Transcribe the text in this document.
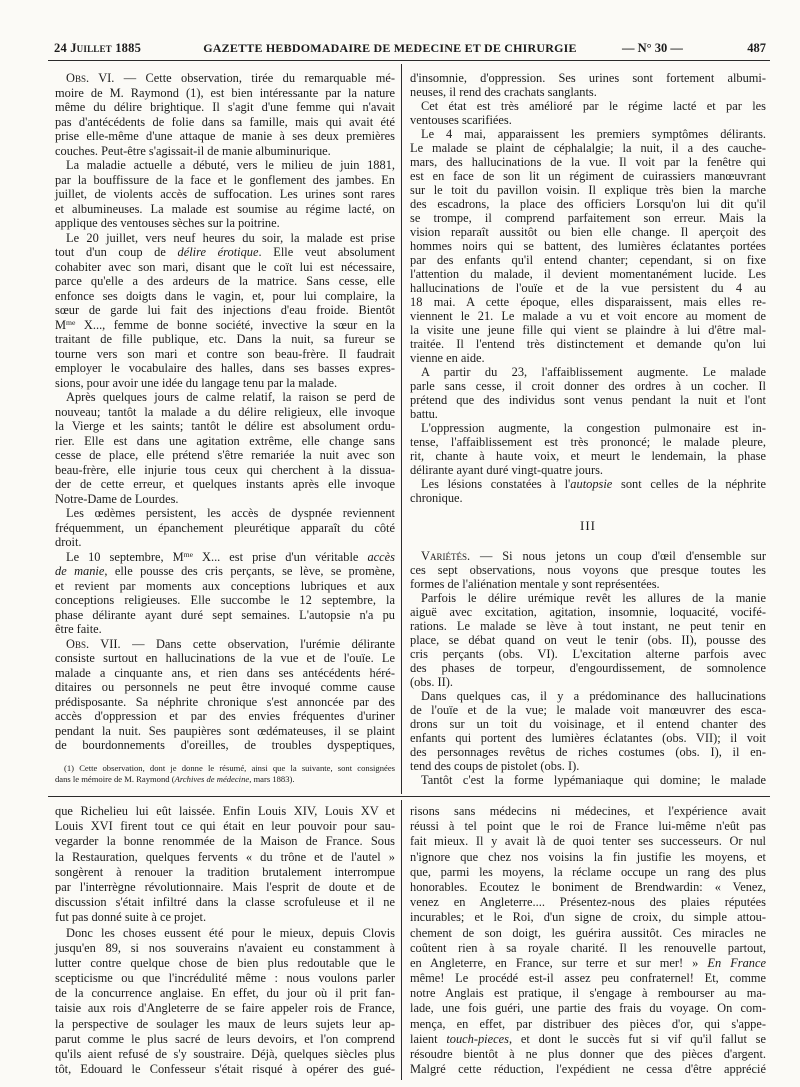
24 Juillet 1885	GAZETTE HEBDOMADAIRE DE MEDECINE ET DE CHIRURGIE	— N° 30 —	487
Obs. VI. — Cette observation, tirée du remarquable mé-
moire de M. Raymond (1), est bien intéressante par la nature
même du délire brightique. Il s'agit d'une femme qui n'avait
pas d'antécédents de folie dans sa famille, mais qui avait été
prise elle-même d'une attaque de manie à ses deux premières
couches. Peut-être s'agissait-il de manie albuminurique.
La maladie actuelle a débuté, vers le milieu de juin 1881,
par la bouffissure de la face et le gonflement des jambes. En
juillet, de violents accès de suffocation. Les urines sont rares
et albumineuses. La malade est soumise au régime lacté, on
applique des ventouses sèches sur la poitrine.
Le 20 juillet, vers neuf heures du soir, la malade est prise
tout d'un coup de délire érotique. Elle veut absolument
cohabiter avec son mari, disant que le coït lui est nécessaire,
parce qu'elle a des ardeurs de la matrice. Sans cesse, elle
enfonce ses doigts dans le vagin, et, pour lui complaire, la
sœur de garde lui fait des injections d'eau froide. Bientôt
$M^{me}$ X..., femme de bonne société, invective la sœur en la
traitant de fille publique, etc. Dans la nuit, sa fureur se
tourne vers son mari et contre son beau-frère. Il faudrait
employer le vocabulaire des halles, dans ses basses expres-
sions, pour avoir une idée du langage tenu par la malade.
Après quelques jours de calme relatif, la raison se perd de
nouveau; tantôt la malade a du délire religieux, elle invoque
la Vierge et les saints; tantôt le délire est absolument ordu-
rier. Elle est dans une agitation extrême, elle change sans
cesse de place, elle prétend s'être remariée la nuit avec son
beau-frère, elle injurie tous ceux qui cherchent à la dissua-
der de cette erreur, et quelques instants après elle invoque
Notre-Dame de Lourdes.
Les œdèmes persistent, les accès de dyspnée reviennent
fréquemment, un épanchement pleurétique apparaît du côté
droit.
Le 10 septembre, $M^{me}$ X... est prise d'un véritable accès
de manie, elle pousse des cris perçants, se lève, se promène,
et revient par moments aux conceptions lubriques et aux
conceptions religieuses. Elle succombe le 12 septembre, la
phase délirante ayant duré sept semaines. L'autopsie n'a pu
être faite.
Obs. VII. — Dans cette observation, l'urémie délirante
consiste surtout en hallucinations de la vue et de l'ouïe. Le
malade a cinquante ans, et rien dans ses antécédents héré-
ditaires ou personnels ne peut être invoqué comme cause
prédisposante. Sa néphrite chronique s'est annoncée par des
accès d'oppression et par des envies fréquentes d'uriner
pendant la nuit. Ses paupières sont œdémateuses, il se plaint
de bourdonnements d'oreilles, de troubles dyspeptiques,
(1) Cette observation, dont je donne le résumé, ainsi que la suivante, sont consignées
dans le mémoire de M. Raymond (Archives de médecine, mars 1883).
d'insomnie, d'oppression. Ses urines sont fortement albumi-
neuses, il rend des crachats sanglants.
Cet état est très amélioré par le régime lacté et par les
ventouses scarifiées.
Le 4 mai, apparaissent les premiers symptômes délirants.
Le malade se plaint de céphalalgie; la nuit, il a des cauche-
mars, des hallucinations de la vue. Il voit par la fenêtre qui
est en face de son lit un régiment de cuirassiers manœuvrant
sur le toit du pavillon voisin. Il explique très bien la marche
des escadrons, la place des officiers Lorsqu'on lui dit qu'il
se trompe, il comprend parfaitement son erreur. Mais la
vision reparaît aussitôt ou bien elle change. Il aperçoit des
hommes noirs qui se battent, des lumières éclatantes portées
par des enfants qu'il entend chanter; cependant, si on fixe
l'attention du malade, il devient momentanément lucide. Les
hallucinations de l'ouïe et de la vue persistent du 4 au
18 mai. A cette époque, elles disparaissent, mais elles re-
viennent le 21. Le malade a vu et voit encore au moment de
la visite une jeune fille qui vient se plaindre à lui d'être mal-
traitée. Il l'entend très distinctement et demande qu'on lui
vienne en aide.
A partir du 23, l'affaiblissement augmente. Le malade
parle sans cesse, il croit donner des ordres à un cocher. Il
prétend que des individus sont venus pendant la nuit et l'ont
battu.
L'oppression augmente, la congestion pulmonaire est in-
tense, l'affaiblissement est très prononcé; le malade pleure,
rit, chante à haute voix, et meurt le lendemain, la phase
délirante ayant duré vingt-quatre jours.
Les lésions constatées à l'autopsie sont celles de la néphrite
chronique.
III
Variétés. — Si nous jetons un coup d'œil d'ensemble sur
ces sept observations, nous voyons que presque toutes les
formes de l'aliénation mentale y sont représentées.
Parfois le délire urémique revêt les allures de la manie
aiguë avec excitation, agitation, insomnie, loquacité, vocifé-
rations. Le malade se lève à tout instant, ne peut tenir en
place, se débat quand on veut le tenir (obs. II), pousse des
cris perçants (obs. VI). L'excitation alterne parfois avec
des phases de torpeur, d'engourdissement, de somnolence
(obs. II).
Dans quelques cas, il y a prédominance des hallucinations
de l'ouïe et de la vue; le malade voit manœuvrer des esca-
drons sur un toit du voisinage, et il entend chanter des
enfants qui portent des lumières éclatantes (obs. VII); il voit
des personnages revêtus de riches costumes (obs. I), il en-
tend des coups de pistolet (obs. I).
Tantôt c'est la forme lypémaniaque qui domine; le malade
que Richelieu lui eût laissée. Enfin Louis XIV, Louis XV et
Louis XVI firent tout ce qui était en leur pouvoir pour sau-
vegarder la bonne renommée de la Maison de France. Sous
la Restauration, quelques fervents « du trône et de l'autel »
songèrent à renouer la tradition brutalement interrompue
par l'interrègne révolutionnaire. Mais l'esprit de doute et de
discussion s'était infiltré dans la classe scrofuleuse et il ne
fut pas donné suite à ce projet.
Donc les choses eussent été pour le mieux, depuis Clovis
jusqu'en 89, si nos souverains n'avaient eu constamment à
lutter contre quelque chose de bien plus redoutable que le
scepticisme ou que l'incrédulité même : nous voulons parler
de la concurrence anglaise. En effet, du jour où il prit fan-
taisie aux rois d'Angleterre de se faire appeler rois de France,
la perspective de soulager les maux de leurs sujets leur ap-
parut comme le plus sacré de leurs devoirs, et l'on comprend
qu'ils aient refusé de s'y soustraire. Déjà, quelques siècles plus
tôt, Edouard le Confesseur s'était risqué à opérer des gué-
risons sans médecins ni médecines, et l'expérience avait
réussi à tel point que le roi de France lui-même n'eût pas
fait mieux. Il y avait là de quoi tenter ses successeurs. Or nul
n'ignore que chez nos voisins la fin justifie les moyens, et
que, parmi les moyens, la réclame occupe un rang des plus
honorables. Ecoutez le boniment de Brendwardin: « Venez,
venez en Angleterre.... Présentez-nous des plaies réputées
incurables; et le Roi, d'un signe de croix, du simple attou-
chement de son doigt, les guérira aussitôt. Ces miracles ne
coûtent rien à sa royale charité. Il les renouvelle partout,
en Angleterre, en France, sur terre et sur mer! » En France
même! Le procédé est-il assez peu confraternel! Et, comme
notre Anglais est pratique, il s'engage à rembourser au ma-
lade, une fois guéri, une partie des frais du voyage. On com-
mença, en effet, par distribuer des pièces d'or, qui s'appe-
laient touch-pieces, et dont le succès fut si vif qu'il fallut se
résoudre bientôt à ne plus donner que des pièces d'argent.
Malgré cette réduction, l'expédient ne cessa d'être apprécié
